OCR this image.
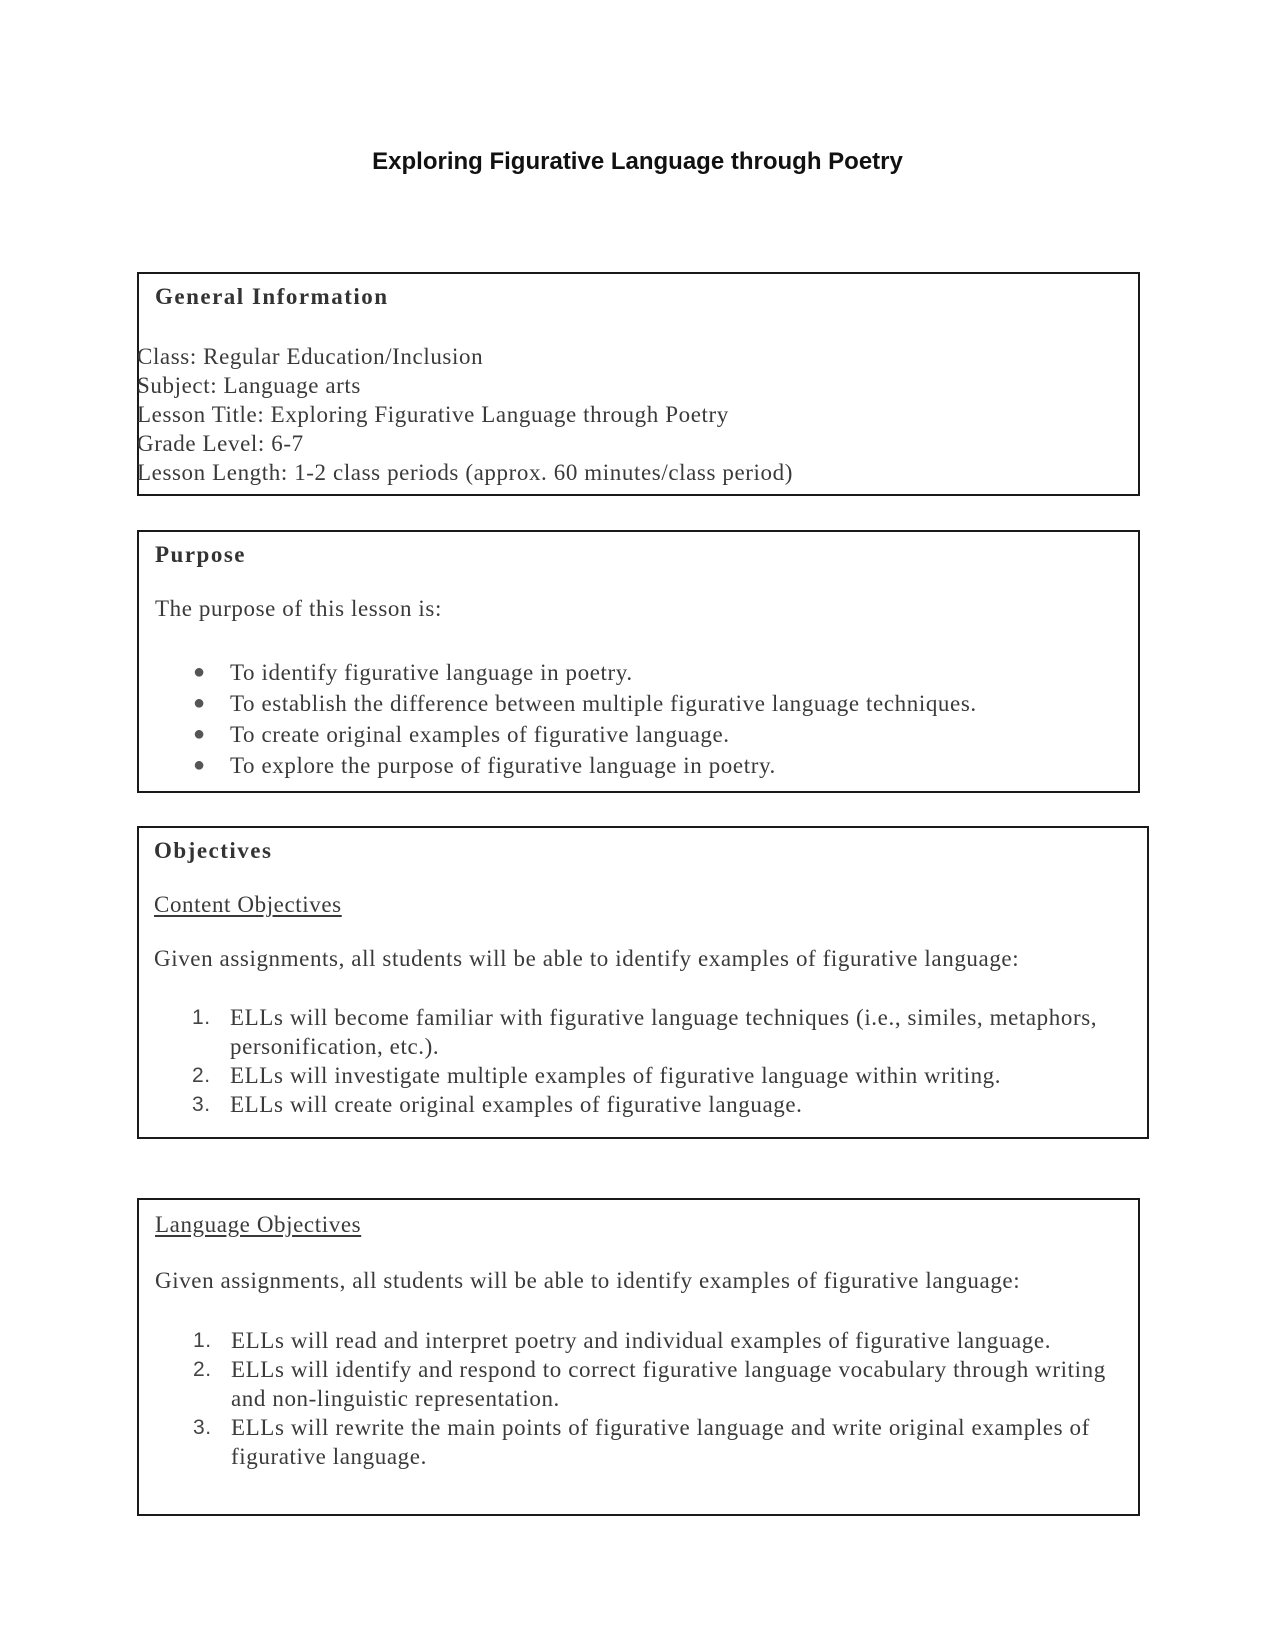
Exploring Figurative Language through Poetry
General Information
Class: Regular Education/Inclusion
Subject: Language arts
Lesson Title: Exploring Figurative Language through Poetry
Grade Level: 6-7
Lesson Length: 1-2 class periods (approx. 60 minutes/class period)
Purpose
The purpose of this lesson is:
● To identify figurative language in poetry.
● To establish the difference between multiple figurative language techniques.
● To create original examples of figurative language.
● To explore the purpose of figurative language in poetry.
Objectives
Content Objectives
Given assignments, all students will be able to identify examples of figurative language:
1. ELLs will become familiar with figurative language techniques (i.e., similes, metaphors, personification, etc.).
2. ELLs will investigate multiple examples of figurative language within writing.
3. ELLs will create original examples of figurative language.
Language Objectives
Given assignments, all students will be able to identify examples of figurative language:
1. ELLs will read and interpret poetry and individual examples of figurative language.
2. ELLs will identify and respond to correct figurative language vocabulary through writing and non-linguistic representation.
3. ELLs will rewrite the main points of figurative language and write original examples of figurative language.
